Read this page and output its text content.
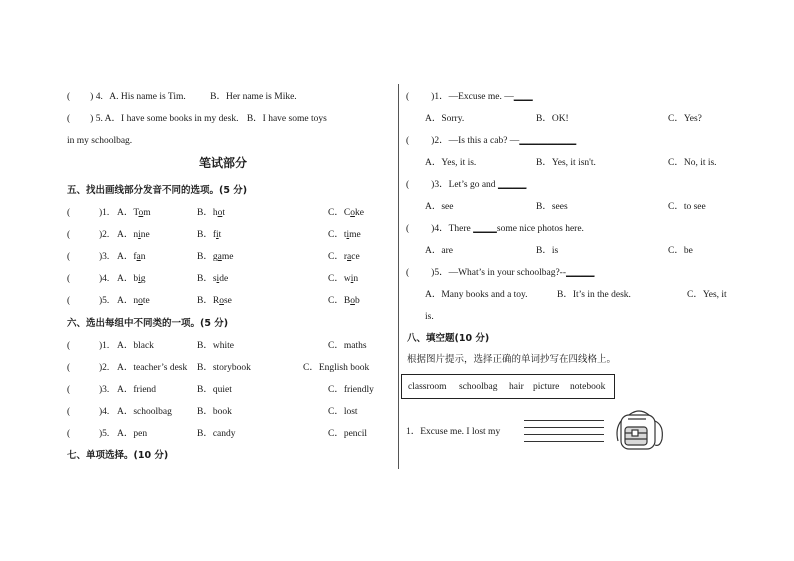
( ) 4. A. His name is Tim.	B．Her name is Mike.
( ) 5. A．I have some books in my desk. B．I have some toys
in my schoolbag.
笔试部分
五、找出画线部分发音不同的选项。(5 分)
(	)1. A．Tom	B．hot	C．Coke
(	)2. A．nine	B．fit	C．time
(	)3. A．fan	B．game	C．race
(	)4. A．big	B．side	C．win
(	)5. A．note	B．Rose	C．Bob
六、选出每组中不同类的一项。(5 分)
(	)1. A．black	B．white	C．maths
(	)2. A．teacher’s desk B．storybook	C．English book
(	)3. A．friend	B．quiet	C．friendly
(	)4. A．schoolbag	B．book	C．lost
(	)5. A．pen	B．candy	C．pencil
七、单项选择。(10 分)
( )1．—Excuse me. —____
A．Sorry.	B．OK!	C．Yes?
( )2．—Is this a cab? —____________
A．Yes, it is.	B．Yes, it isn't.	C．No, it is.
( )3．Let’s go and ______
A．see	B．sees	C．to see
( )4．There _____some nice photos here.
A．are	B．is	C．be
( )5．—What’s in your schoolbag?--______
A．Many books and a toy.	B．It’s in the desk.	C．Yes, it
is.
八、填空题(10 分)
根据图片提示，选择正确的单词抄写在四线格上。
classroom schoolbag hair picture notebook
1．Excuse me. I lost my
